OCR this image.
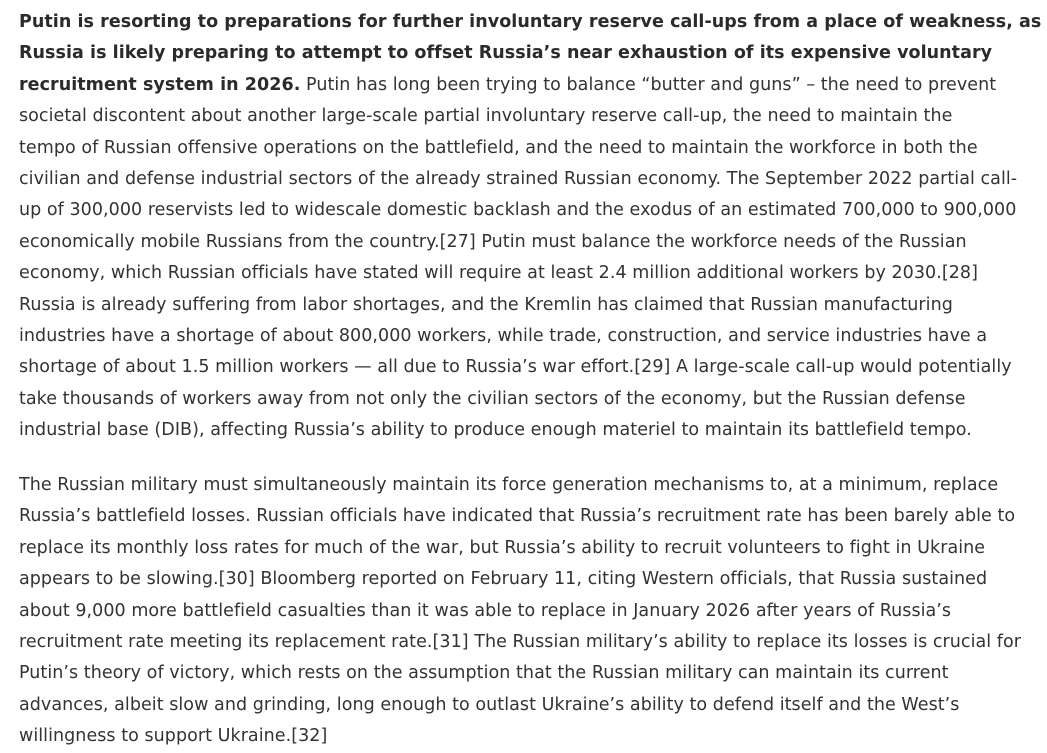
Putin is resorting to preparations for further involuntary reserve call-ups from a place of weakness, as
Russia is likely preparing to attempt to offset Russia’s near exhaustion of its expensive voluntary
recruitment system in 2026. Putin has long been trying to balance “butter and guns” – the need to prevent
societal discontent about another large-scale partial involuntary reserve call-up, the need to maintain the
tempo of Russian offensive operations on the battlefield, and the need to maintain the workforce in both the
civilian and defense industrial sectors of the already strained Russian economy. The September 2022 partial call-
up of 300,000 reservists led to widescale domestic backlash and the exodus of an estimated 700,000 to 900,000
economically mobile Russians from the country.[27] Putin must balance the workforce needs of the Russian
economy, which Russian officials have stated will require at least 2.4 million additional workers by 2030.[28]
Russia is already suffering from labor shortages, and the Kremlin has claimed that Russian manufacturing
industries have a shortage of about 800,000 workers, while trade, construction, and service industries have a
shortage of about 1.5 million workers — all due to Russia’s war effort.[29] A large-scale call-up would potentially
take thousands of workers away from not only the civilian sectors of the economy, but the Russian defense
industrial base (DIB), affecting Russia’s ability to produce enough materiel to maintain its battlefield tempo.
The Russian military must simultaneously maintain its force generation mechanisms to, at a minimum, replace
Russia’s battlefield losses. Russian officials have indicated that Russia’s recruitment rate has been barely able to
replace its monthly loss rates for much of the war, but Russia’s ability to recruit volunteers to fight in Ukraine
appears to be slowing.[30] Bloomberg reported on February 11, citing Western officials, that Russia sustained
about 9,000 more battlefield casualties than it was able to replace in January 2026 after years of Russia’s
recruitment rate meeting its replacement rate.[31] The Russian military’s ability to replace its losses is crucial for
Putin’s theory of victory, which rests on the assumption that the Russian military can maintain its current
advances, albeit slow and grinding, long enough to outlast Ukraine’s ability to defend itself and the West’s
willingness to support Ukraine.[32]
